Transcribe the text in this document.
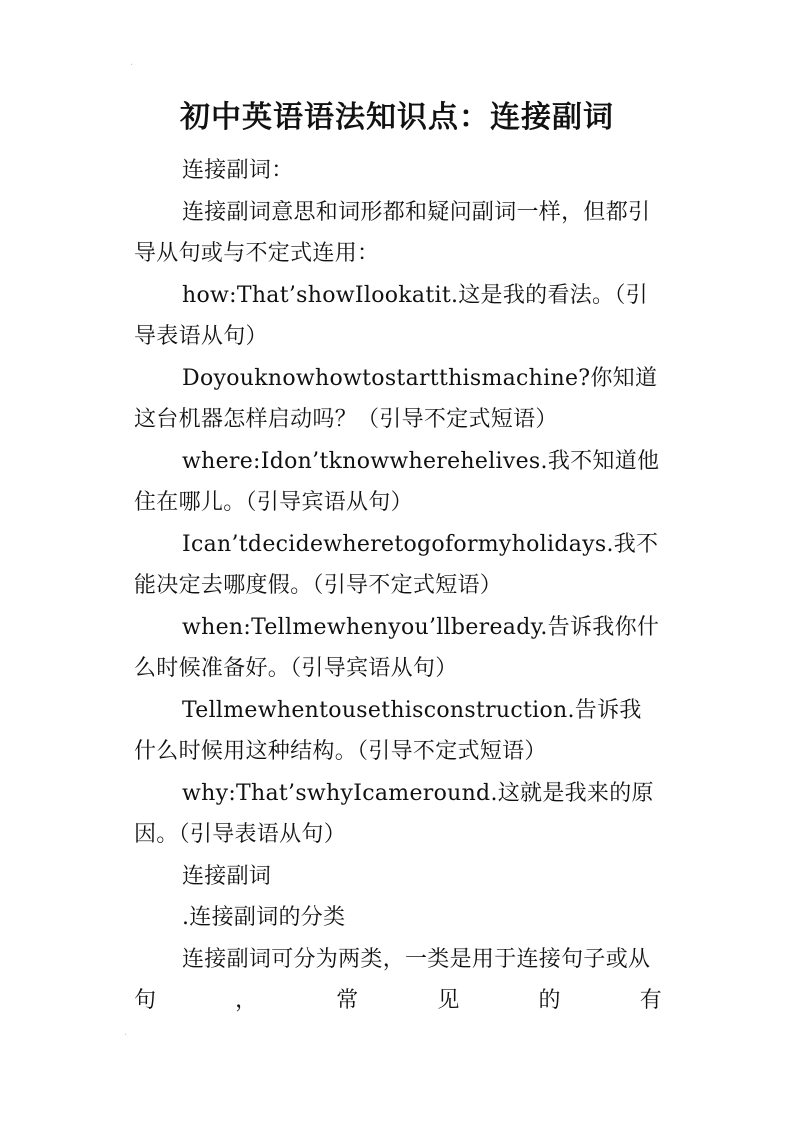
·
·
初中英语语法知识点：连接副词

连接副词：

连接副词意思和词形都和疑问副词一样，但都引导从句或与不定式连用：

how:That’showIlookatit.这是我的看法。（引导表语从句）

Doyouknowhowtostartthismachine?你知道这台机器怎样启动吗？（引导不定式短语）

where:Idon’tknowwherehelives.我不知道他住在哪儿。（引导宾语从句）

Ican’tdecidewheretogoformyholidays.我不能决定去哪度假。（引导不定式短语）

when:Tellmewhenyou’llbeready.告诉我你什么时候准备好。（引导宾语从句）

Tellmewhentousethisconstruction.告诉我什么时候用这种结构。（引导不定式短语）

why:That’swhyIcameround.这就是我来的原因。（引导表语从句）

连接副词

.连接副词的分类

连接副词可分为两类，一类是用于连接句子或从句，常见的有
